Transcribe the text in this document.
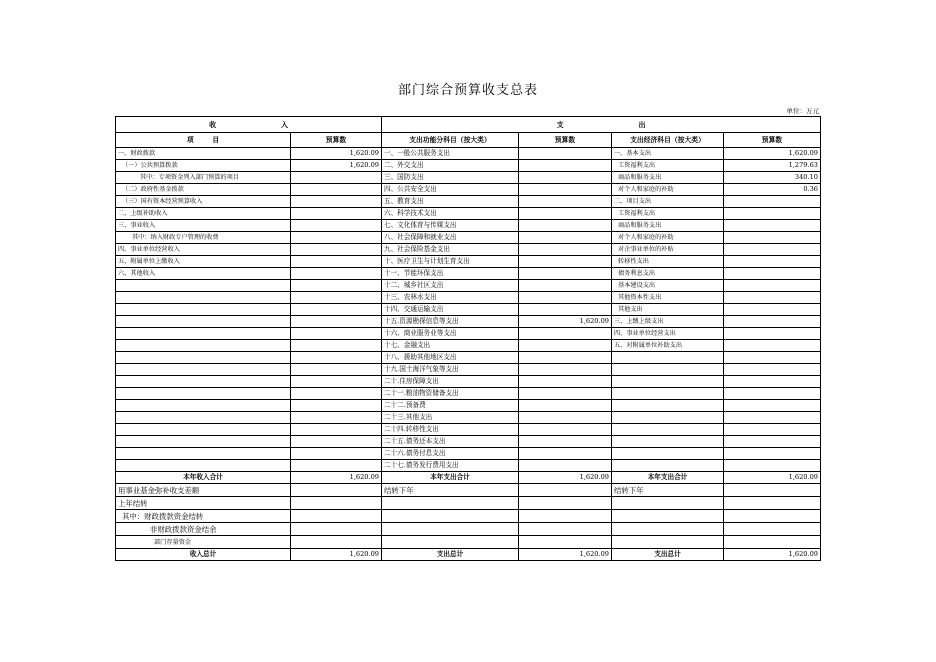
部门综合预算收支总表
单位：万元
收 入		支 出			
项 目	预算数	支出功能分科目（按大类）	预算数	支出经济科目（按大类）	预算数
一、财政拨款	1,620.09	一、一般公共服务支出		一、基本支出	1,620.09
（一）公共预算拨款	1,620.09	二、外交支出		工资福利支出	1,279.63
其中：专项资金列入部门预算的项目		三、国防支出		商品和服务支出	340.10
（二）政府性基金拨款		四、公共安全支出		对个人和家庭的补助	0.36
（三）国有资本经营预算收入		五、教育支出		二、项目支出	
二、上级补助收入		六、科学技术支出		工资福利支出	
三、事业收入		七、文化体育与传媒支出		商品和服务支出	
其中：纳入财政专户管理的收费		八、社会保障和就业支出		对个人和家庭的补助	
四、事业单位经营收入		九、社会保险基金支出		对企事业单位的补贴	
五、附属单位上缴收入		十、医疗卫生与计划生育支出		转移性支出	
六、其他收入		十一、节能环保支出		债务利息支出	
		十二、城乡社区支出		基本建设支出	
		十三、农林水支出		其他资本性支出	
		十四、交通运输支出		其他支出	
		十五.资源勘探信息等支出	1,620.09	三、上缴上级支出	
		十六、商业服务业等支出		四、事业单位经营支出	
		十七、金融支出		五、对附属单位补助支出	
		十八、援助其他地区支出			
		十九.国土海洋气象等支出			
		二十.住房保障支出			
		二十一.粮油物资储备支出			
		二十二.预备费			
		二十三.其他支出			
		二十四.转移性支出			
		二十五.债务还本支出			
		二十六.债务付息支出			
		二十七.债务发行费用支出			
本年收入合计	1,620.09	本年支出合计	1,620.09	本年支出合计	1,620.09
用事业基金弥补收支差额		结转下年		结转下年	
上年结转					
其中：财政拨款资金结转					
非财政拨款资金结余					
部门存量资金					
收入总计	1,620.09	支出总计	1,620.09	支出总计	1,620.09
